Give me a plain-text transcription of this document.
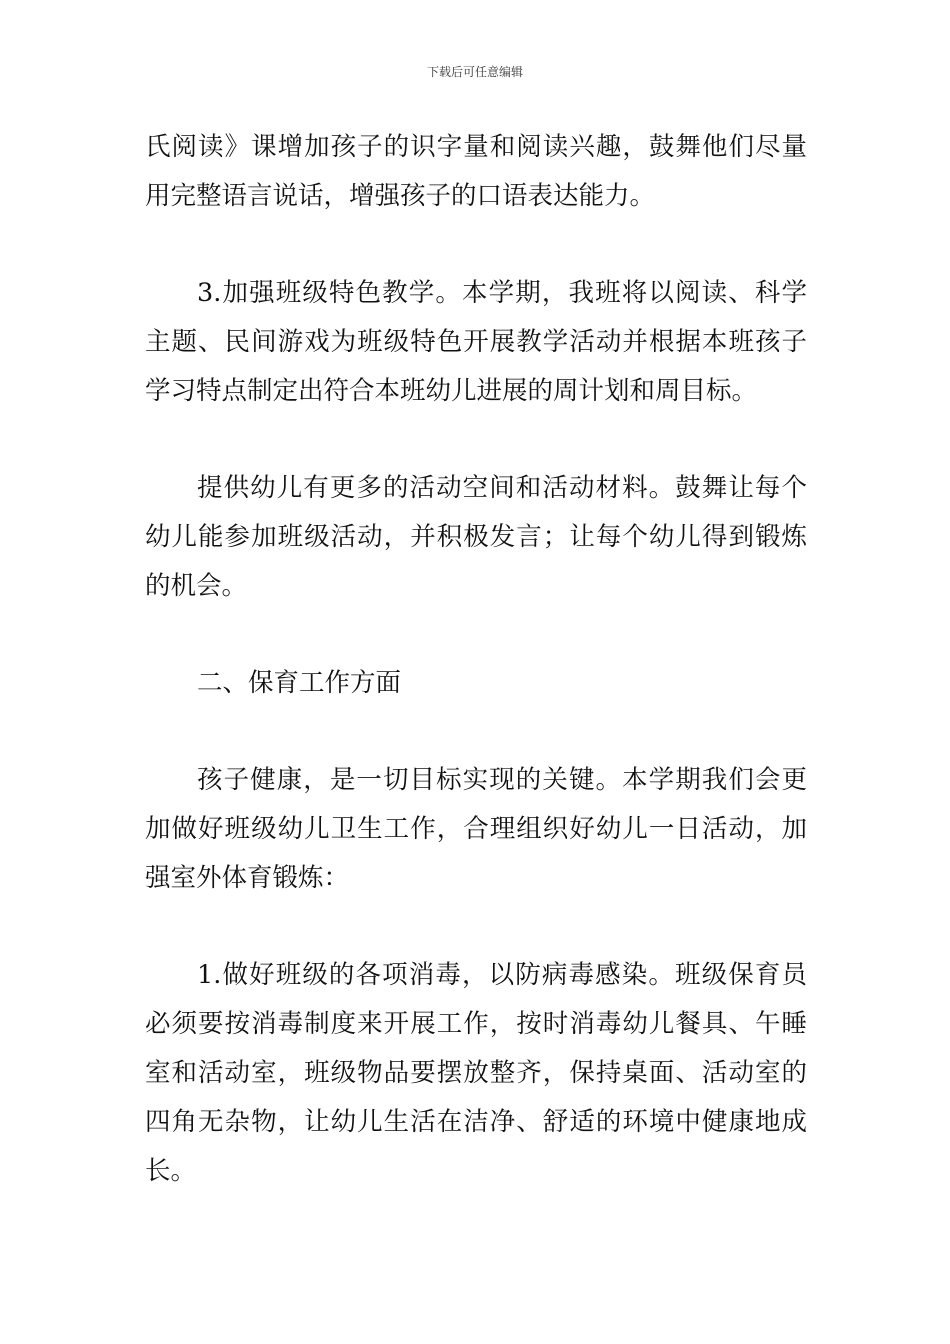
下载后可任意编辑

氏阅读》课增加孩子的识字量和阅读兴趣，鼓舞他们尽量用完整语言说话，增强孩子的口语表达能力。

3.加强班级特色教学。本学期，我班将以阅读、科学主题、民间游戏为班级特色开展教学活动并根据本班孩子学习特点制定出符合本班幼儿进展的周计划和周目标。

提供幼儿有更多的活动空间和活动材料。鼓舞让每个幼儿能参加班级活动，并积极发言；让每个幼儿得到锻炼的机会。

二、保育工作方面

孩子健康，是一切目标实现的关键。本学期我们会更加做好班级幼儿卫生工作，合理组织好幼儿一日活动，加强室外体育锻炼：

1.做好班级的各项消毒，以防病毒感染。班级保育员必须要按消毒制度来开展工作，按时消毒幼儿餐具、午睡室和活动室，班级物品要摆放整齐，保持桌面、活动室的四角无杂物，让幼儿生活在洁净、舒适的环境中健康地成长。
